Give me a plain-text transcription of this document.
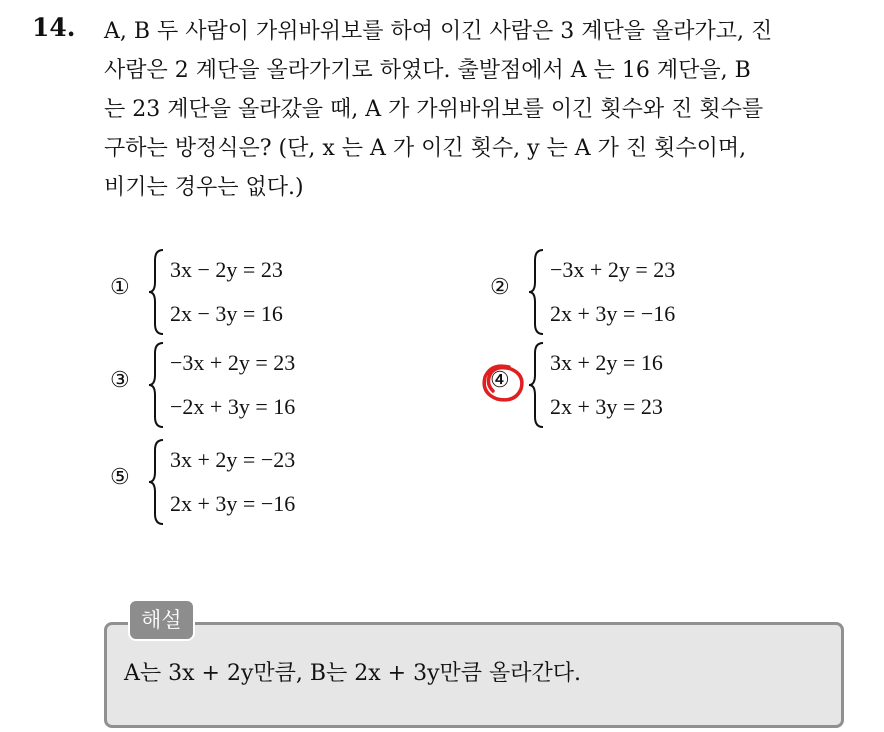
14. A, B 두 사람이 가위바위보를 하여 이긴 사람은 3 계단을 올라가고, 진
사람은 2 계단을 올라가기로 하였다. 출발점에서 A 는 16 계단을, B
는 23 계단을 올라갔을 때, A 가 가위바위보를 이긴 횟수와 진 횟수를
구하는 방정식은? (단, x 는 A 가 이긴 횟수, y 는 A 가 진 횟수이며,
비기는 경우는 없다.)
①
3x − 2y = 23
2x − 3y = 16
②
−3x + 2y = 23
2x + 3y = −16
③
−3x + 2y = 23
−2x + 3y = 16
④
3x + 2y = 16
2x + 3y = 23
⑤
3x + 2y = −23
2x + 3y = −16
해설
A는 3x + 2y만큼, B는 2x + 3y만큼 올라간다.
